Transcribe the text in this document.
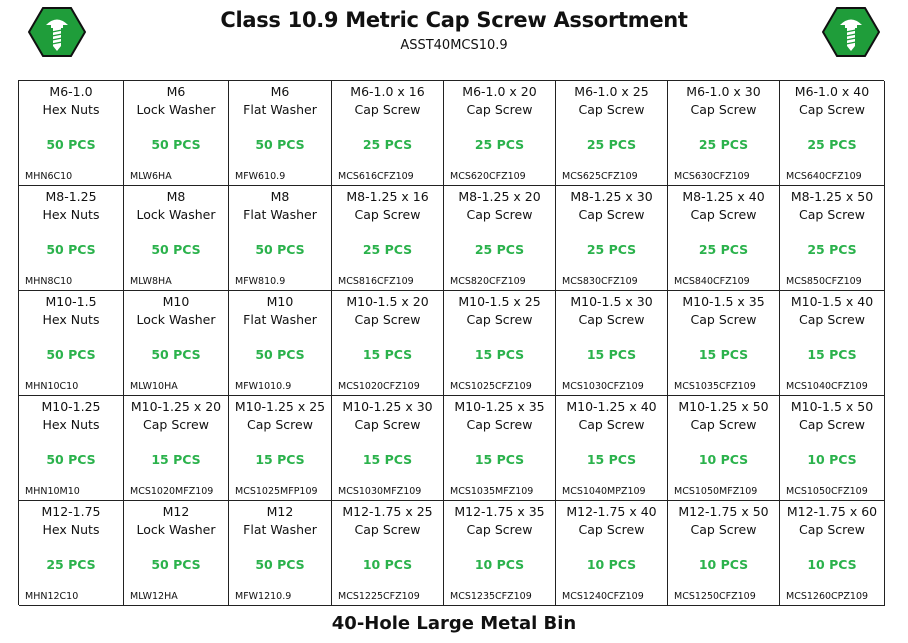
Class 10.9 Metric Cap Screw Assortment
ASST40MCS10.9
M6-1.0
Hex Nuts
50 PCS
MHN6C10
M6
Lock Washer
50 PCS
MLW6HA
M6
Flat Washer
50 PCS
MFW610.9
M6-1.0 x 16
Cap Screw
25 PCS
MCS616CFZ109
M6-1.0 x 20
Cap Screw
25 PCS
MCS620CFZ109
M6-1.0 x 25
Cap Screw
25 PCS
MCS625CFZ109
M6-1.0 x 30
Cap Screw
25 PCS
MCS630CFZ109
M6-1.0 x 40
Cap Screw
25 PCS
MCS640CFZ109
M8-1.25
Hex Nuts
50 PCS
MHN8C10
M8
Lock Washer
50 PCS
MLW8HA
M8
Flat Washer
50 PCS
MFW810.9
M8-1.25 x 16
Cap Screw
25 PCS
MCS816CFZ109
M8-1.25 x 20
Cap Screw
25 PCS
MCS820CFZ109
M8-1.25 x 30
Cap Screw
25 PCS
MCS830CFZ109
M8-1.25 x 40
Cap Screw
25 PCS
MCS840CFZ109
M8-1.25 x 50
Cap Screw
25 PCS
MCS850CFZ109
M10-1.5
Hex Nuts
50 PCS
MHN10C10
M10
Lock Washer
50 PCS
MLW10HA
M10
Flat Washer
50 PCS
MFW1010.9
M10-1.5 x 20
Cap Screw
15 PCS
MCS1020CFZ109
M10-1.5 x 25
Cap Screw
15 PCS
MCS1025CFZ109
M10-1.5 x 30
Cap Screw
15 PCS
MCS1030CFZ109
M10-1.5 x 35
Cap Screw
15 PCS
MCS1035CFZ109
M10-1.5 x 40
Cap Screw
15 PCS
MCS1040CFZ109
M10-1.25
Hex Nuts
50 PCS
MHN10M10
M10-1.25 x 20
Cap Screw
15 PCS
MCS1020MFZ109
M10-1.25 x 25
Cap Screw
15 PCS
MCS1025MFP109
M10-1.25 x 30
Cap Screw
15 PCS
MCS1030MFZ109
M10-1.25 x 35
Cap Screw
15 PCS
MCS1035MFZ109
M10-1.25 x 40
Cap Screw
15 PCS
MCS1040MPZ109
M10-1.25 x 50
Cap Screw
10 PCS
MCS1050MFZ109
M10-1.5 x 50
Cap Screw
10 PCS
MCS1050CFZ109
M12-1.75
Hex Nuts
25 PCS
MHN12C10
M12
Lock Washer
50 PCS
MLW12HA
M12
Flat Washer
50 PCS
MFW1210.9
M12-1.75 x 25
Cap Screw
10 PCS
MCS1225CFZ109
M12-1.75 x 35
Cap Screw
10 PCS
MCS1235CFZ109
M12-1.75 x 40
Cap Screw
10 PCS
MCS1240CFZ109
M12-1.75 x 50
Cap Screw
10 PCS
MCS1250CFZ109
M12-1.75 x 60
Cap Screw
10 PCS
MCS1260CPZ109
40-Hole Large Metal Bin
